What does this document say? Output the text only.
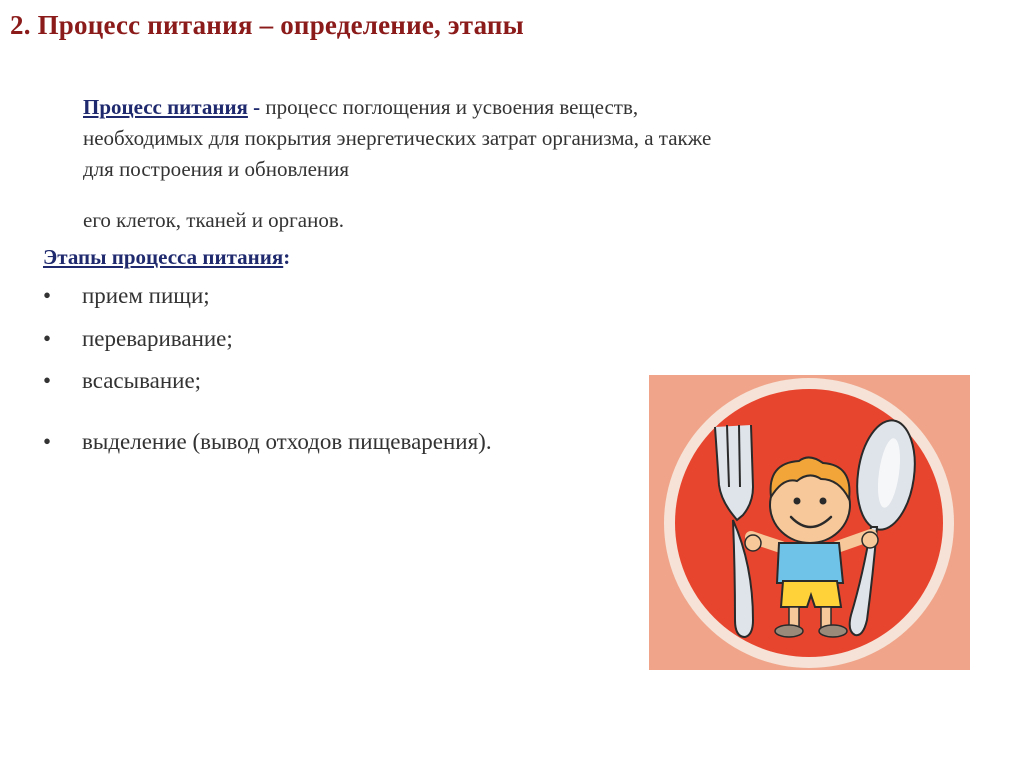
2. Процесс питания – определение, этапы
Процесс питания - процесс поглощения и усвоения веществ, необходимых для покрытия энергетических затрат организма, а также для построения и обновления
его клеток, тканей и органов.
Этапы процесса питания:
• прием пищи;
• переваривание;
• всасывание;
• выделение (вывод отходов пищеварения).
